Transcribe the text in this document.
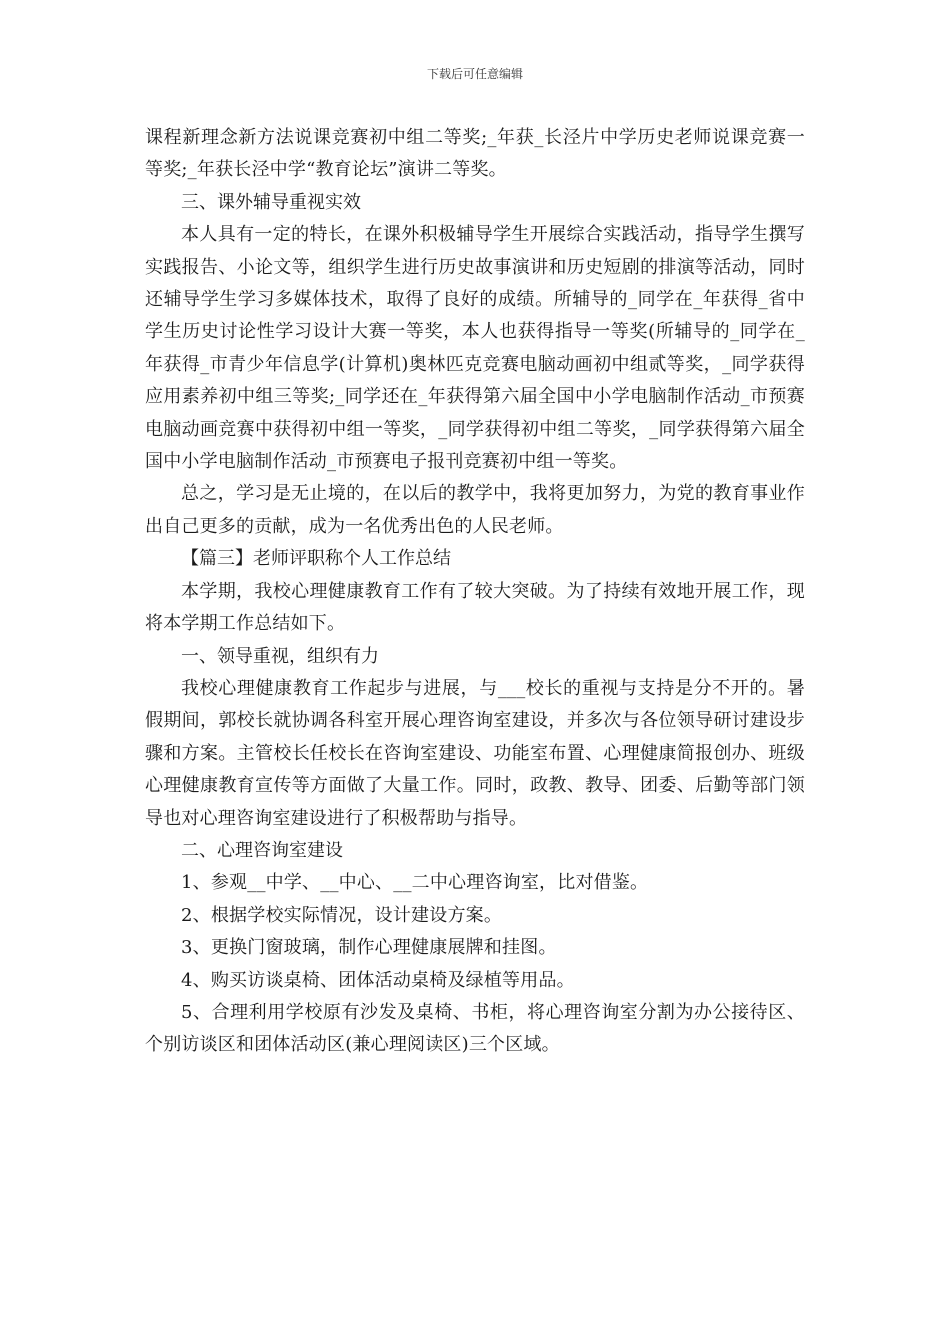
下载后可任意编辑

课程新理念新方法说课竞赛初中组二等奖;_年获_长泾片中学历史老师说课竞赛一等奖;_年获长泾中学“教育论坛”演讲二等奖。

三、课外辅导重视实效

本人具有一定的特长，在课外积极辅导学生开展综合实践活动，指导学生撰写实践报告、小论文等，组织学生进行历史故事演讲和历史短剧的排演等活动，同时还辅导学生学习多媒体技术，取得了良好的成绩。所辅导的_同学在_年获得_省中学生历史讨论性学习设计大赛一等奖，本人也获得指导一等奖(所辅导的_同学在_年获得_市青少年信息学(计算机)奥林匹克竞赛电脑动画初中组贰等奖，_同学获得应用素养初中组三等奖;_同学还在_年获得第六届全国中小学电脑制作活动_市预赛电脑动画竞赛中获得初中组一等奖，_同学获得初中组二等奖，_同学获得第六届全国中小学电脑制作活动_市预赛电子报刊竞赛初中组一等奖。

总之，学习是无止境的，在以后的教学中，我将更加努力，为党的教育事业作出自己更多的贡献，成为一名优秀出色的人民老师。

【篇三】老师评职称个人工作总结

本学期，我校心理健康教育工作有了较大突破。为了持续有效地开展工作，现将本学期工作总结如下。

一、领导重视，组织有力

我校心理健康教育工作起步与进展，与___校长的重视与支持是分不开的。暑假期间，郭校长就协调各科室开展心理咨询室建设，并多次与各位领导研讨建设步骤和方案。主管校长任校长在咨询室建设、功能室布置、心理健康简报创办、班级心理健康教育宣传等方面做了大量工作。同时，政教、教导、团委、后勤等部门领导也对心理咨询室建设进行了积极帮助与指导。

二、心理咨询室建设

1、参观__中学、__中心、__二中心理咨询室，比对借鉴。

2、根据学校实际情况，设计建设方案。

3、更换门窗玻璃，制作心理健康展牌和挂图。

4、购买访谈桌椅、团体活动桌椅及绿植等用品。

5、合理利用学校原有沙发及桌椅、书柜，将心理咨询室分割为办公接待区、个别访谈区和团体活动区(兼心理阅读区)三个区域。
